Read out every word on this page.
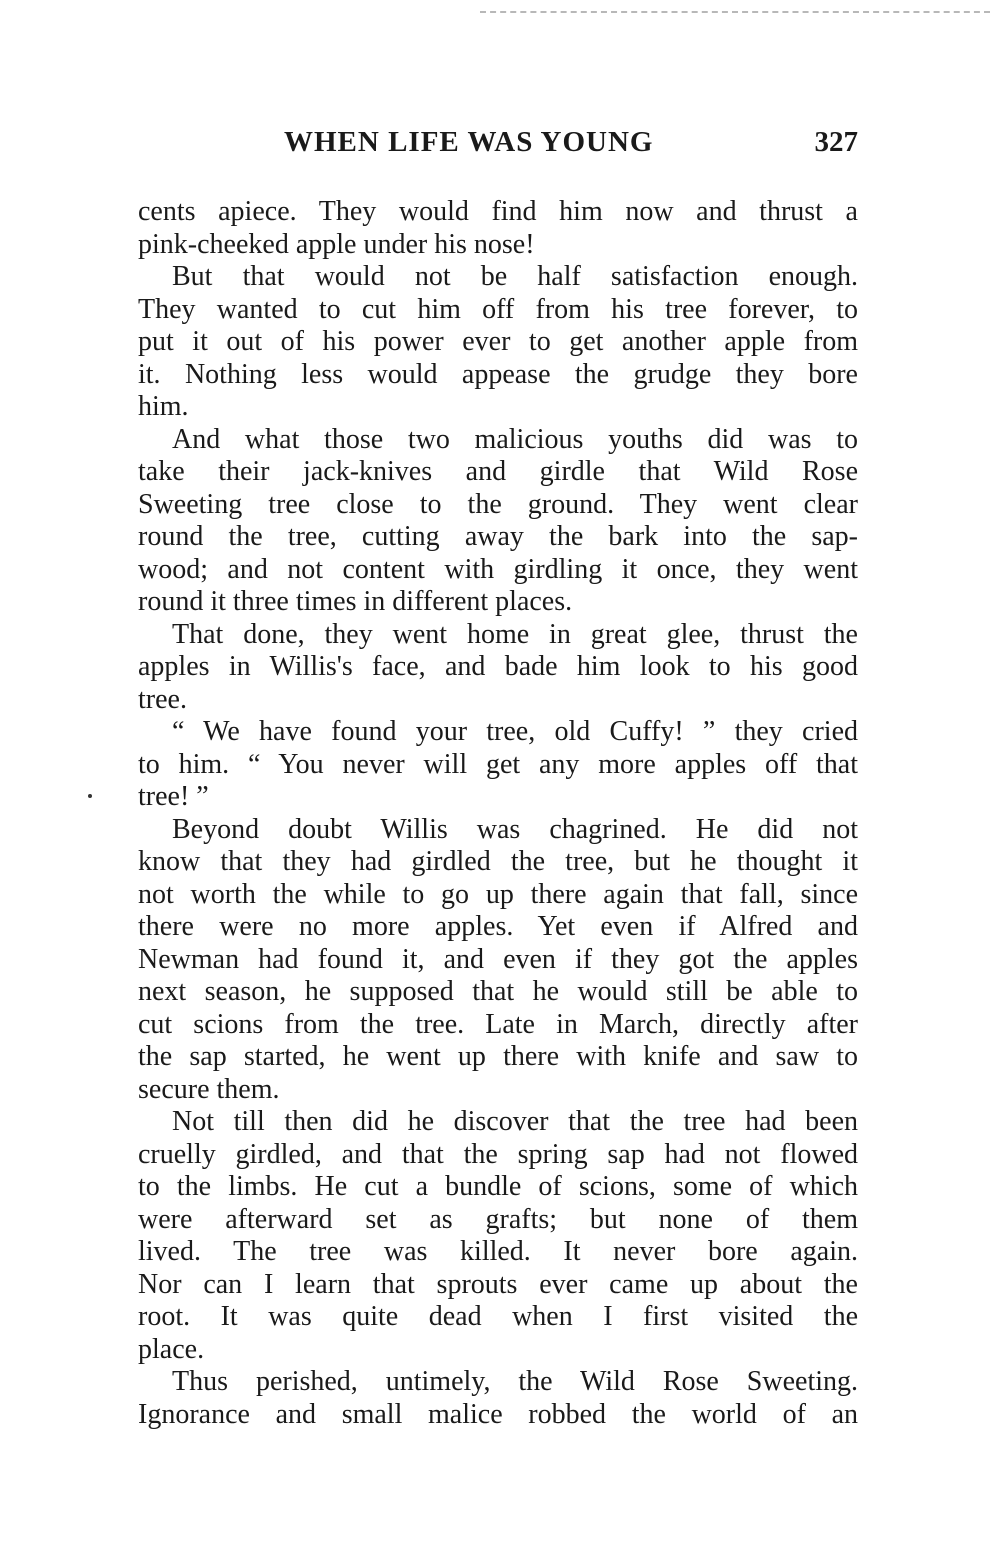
WHEN LIFE WAS YOUNG	327
cents apiece. They would find him now and thrust a
pink-cheeked apple under his nose!
But that would not be half satisfaction enough.
They wanted to cut him off from his tree forever, to
put it out of his power ever to get another apple from
it. Nothing less would appease the grudge they bore
him.
And what those two malicious youths did was to
take their jack-knives and girdle that Wild Rose
Sweeting tree close to the ground. They went clear
round the tree, cutting away the bark into the sap-
wood; and not content with girdling it once, they went
round it three times in different places.
That done, they went home in great glee, thrust the
apples in Willis's face, and bade him look to his good
tree.
“ We have found your tree, old Cuffy! ” they cried
to him. “ You never will get any more apples off that
tree! ”
Beyond doubt Willis was chagrined. He did not
know that they had girdled the tree, but he thought it
not worth the while to go up there again that fall, since
there were no more apples. Yet even if Alfred and
Newman had found it, and even if they got the apples
next season, he supposed that he would still be able to
cut scions from the tree. Late in March, directly after
the sap started, he went up there with knife and saw to
secure them.
Not till then did he discover that the tree had been
cruelly girdled, and that the spring sap had not flowed
to the limbs. He cut a bundle of scions, some of which
were afterward set as grafts; but none of them
lived. The tree was killed. It never bore again.
Nor can I learn that sprouts ever came up about the
root. It was quite dead when I first visited the
place.
Thus perished, untimely, the Wild Rose Sweeting.
Ignorance and small malice robbed the world of an
